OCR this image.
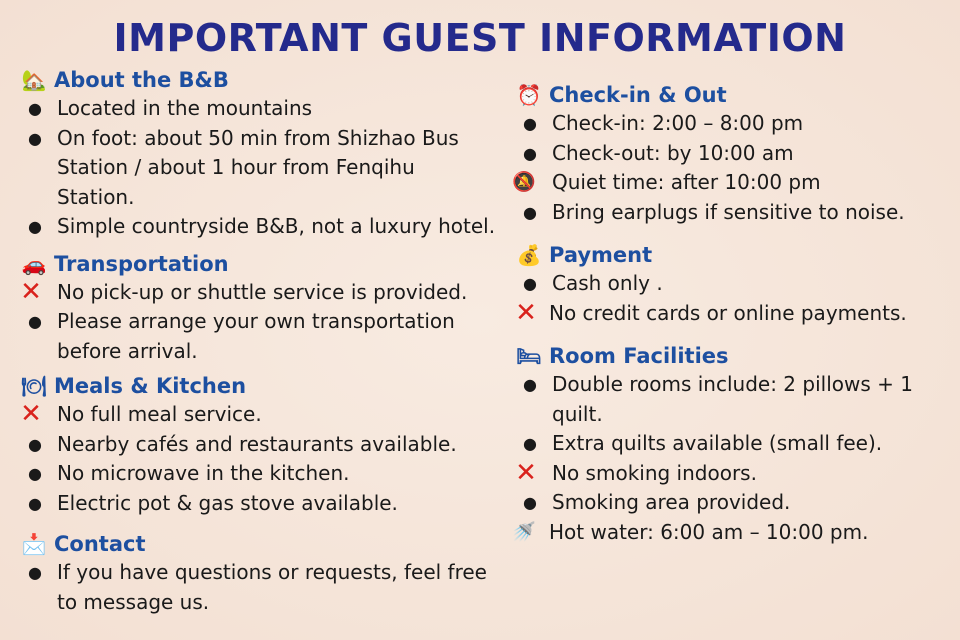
IMPORTANT GUEST INFORMATION
🏡 About the B&B
● Located in the mountains
● On foot: about 50 min from Shizhao Bus Station / about 1 hour from Fenqihu Station.
● Simple countryside B&B, not a luxury hotel.
🚗 Transportation
✕ No pick-up or shuttle service is provided.
● Please arrange your own transportation before arrival.
🍽 Meals & Kitchen
✕ No full meal service.
● Nearby cafés and restaurants available.
● No microwave in the kitchen.
● Electric pot & gas stove available.
📩 Contact
● If you have questions or requests, feel free to message us.
⏰ Check-in & Out
● Check-in: 2:00 – 8:00 pm
● Check-out: by 10:00 am
🔕 Quiet time: after 10:00 pm
● Bring earplugs if sensitive to noise.
💰 Payment
● Cash only .
✕ No credit cards or online payments.
🛏 Room Facilities
● Double rooms include: 2 pillows + 1 quilt.
● Extra quilts available (small fee).
✕ No smoking indoors.
● Smoking area provided.
🚿 Hot water: 6:00 am – 10:00 pm.
